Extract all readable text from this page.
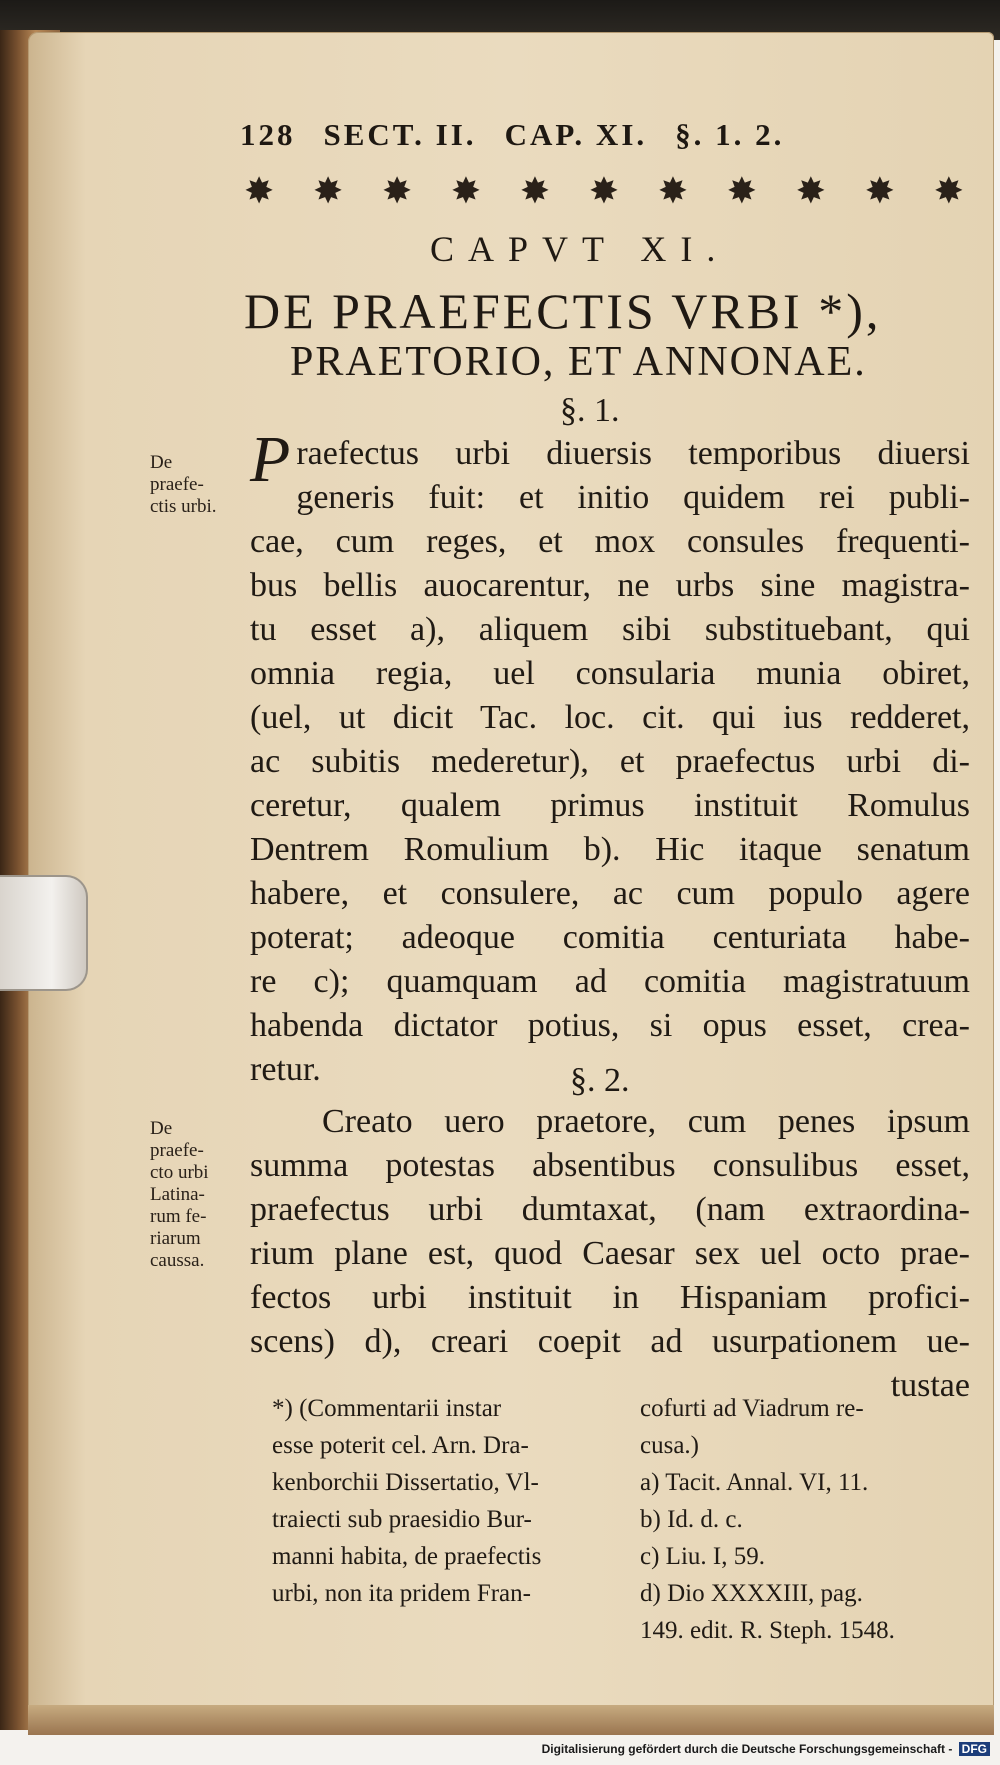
128 SECT. II. CAP. XI. §. 1. 2.
✸ ✸ ✸ ✸ ✸ ✸ ✸ ✸ ✸ ✸ ✸
CAPVT XI.
DE PRAEFECTIS VRBI *),
PRAETORIO, ET ANNONAE.
§. 1.
De
praefe-
ctis urbi.
P raefectus urbi diuersis temporibus diuersi
generis fuit: et initio quidem rei publi-
cae, cum reges, et mox consules frequenti-
bus bellis auocarentur, ne urbs sine magistra-
tu esset a), aliquem sibi substituebant, qui
omnia regia, uel consularia munia obiret,
(uel, ut dicit Tac. loc. cit. qui ius redderet,
ac subitis mederetur), et praefectus urbi di-
ceretur, qualem primus instituit Romulus
Dentrem Romulium b). Hic itaque senatum
habere, et consulere, ac cum populo agere
poterat; adeoque comitia centuriata habe-
re c); quamquam ad comitia magistratuum
habenda dictator potius, si opus esset, crea-
retur.	§. 2.
De
praefe-
cto urbi
Latina-
rum fe-
riarum
caussa.
Creato uero praetore, cum penes ipsum
summa potestas absentibus consulibus esset,
praefectus urbi dumtaxat, (nam extraordina-
rium plane est, quod Caesar sex uel octo prae-
fectos urbi instituit in Hispaniam profici-
scens) d), creari coepit ad usurpationem ue-
tustae
*) (Commentarii instar
esse poterit cel. Arn. Dra-
kenborchii Dissertatio, Vl-
traiecti sub praesidio Bur-
manni habita, de praefectis
urbi, non ita pridem Fran-
cofurti ad Viadrum re-
cusa.)
a) Tacit. Annal. VI, 11.
b) Id. d. c.
c) Liu. I, 59.
d) Dio XXXXIII, pag.
149. edit. R. Steph. 1548.
Digitalisierung gefördert durch die Deutsche Forschungsgemeinschaft - DFG
